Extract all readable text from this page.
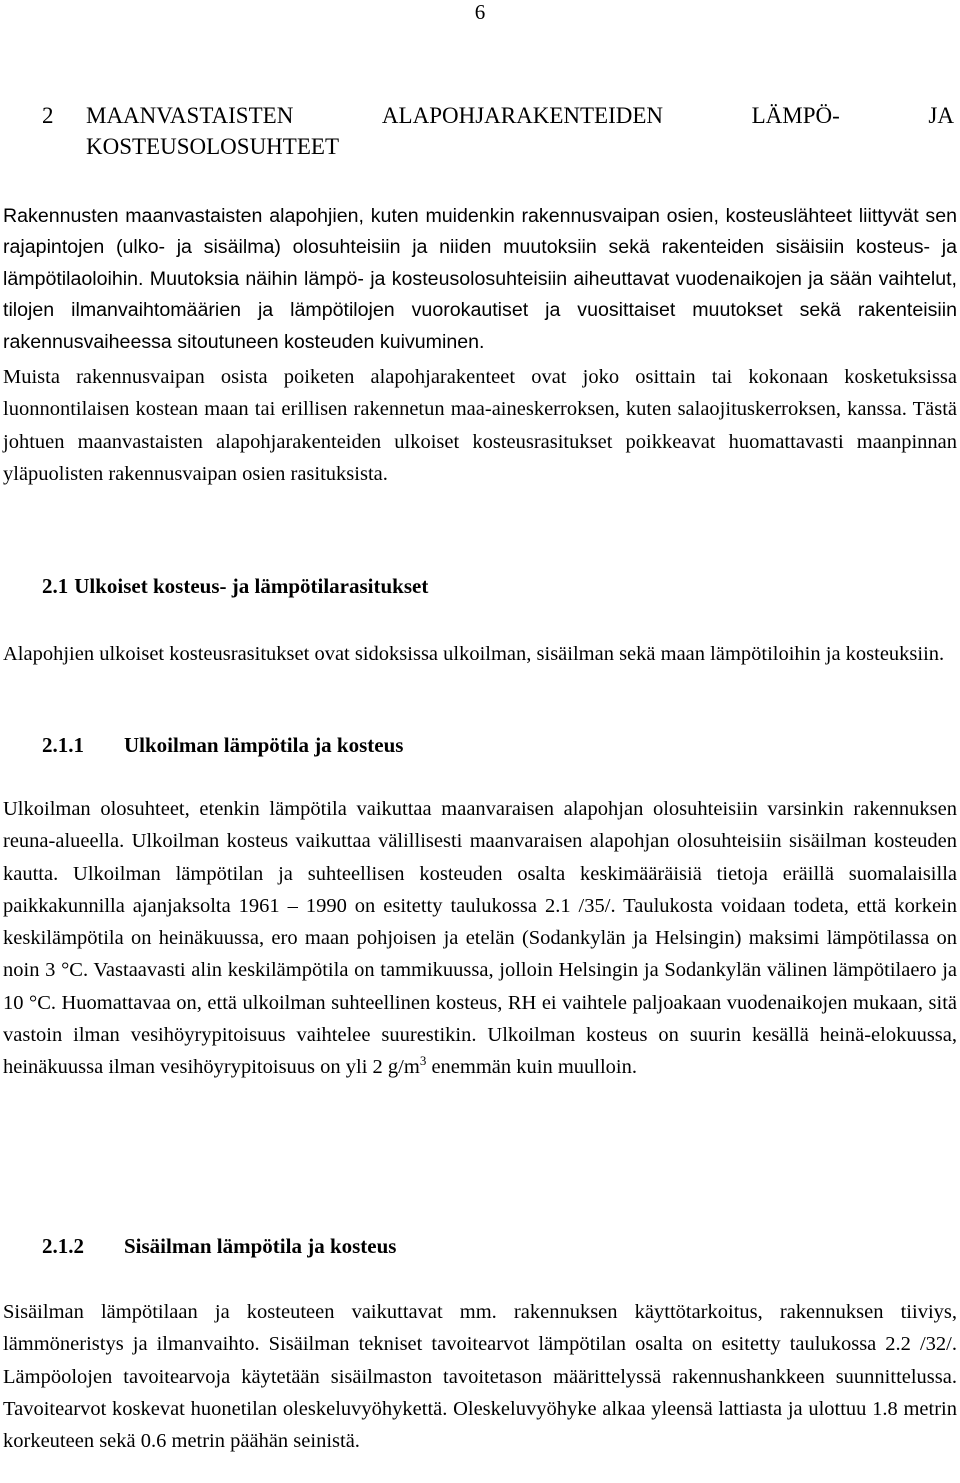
6
2 MAANVASTAISTEN	ALAPOHJARAKENTEIDEN	LÄMPÖ-	JA
KOSTEUSOLOSUHTEET

Rakennusten maanvastaisten alapohjien, kuten muidenkin rakennusvaipan osien, kosteuslähteet liittyvät sen rajapintojen (ulko- ja sisäilma) olosuhteisiin ja niiden muutoksiin sekä rakenteiden sisäisiin kosteus- ja lämpötilaoloihin. Muutoksia näihin lämpö- ja kosteusolosuhteisiin aiheuttavat vuodenaikojen ja sään vaihtelut, tilojen ilmanvaihtomäärien ja lämpötilojen vuorokautiset ja vuosittaiset muutokset sekä rakenteisiin rakennusvaiheessa sitoutuneen kosteuden kuivuminen.

Muista rakennusvaipan osista poiketen alapohjarakenteet ovat joko osittain tai kokonaan kosketuksissa luonnontilaisen kostean maan tai erillisen rakennetun maa-aineskerroksen, kuten salaojituskerroksen, kanssa. Tästä johtuen maanvastaisten alapohjarakenteiden ulkoiset kosteusrasitukset poikkeavat huomattavasti maanpinnan yläpuolisten rakennusvaipan osien rasituksista.

2.1 Ulkoiset kosteus- ja lämpötilarasitukset

Alapohjien ulkoiset kosteusrasitukset ovat sidoksissa ulkoilman, sisäilman sekä maan lämpötiloihin ja kosteuksiin.

2.1.1 Ulkoilman lämpötila ja kosteus

Ulkoilman olosuhteet, etenkin lämpötila vaikuttaa maanvaraisen alapohjan olosuhteisiin varsinkin rakennuksen reuna-alueella. Ulkoilman kosteus vaikuttaa välillisesti maanvaraisen alapohjan olosuhteisiin sisäilman kosteuden kautta. Ulkoilman lämpötilan ja suhteellisen kosteuden osalta keskimääräisiä tietoja eräillä suomalaisilla paikkakunnilla ajanjaksolta 1961 – 1990 on esitetty taulukossa 2.1 /35/. Taulukosta voidaan todeta, että korkein keskilämpötila on heinäkuussa, ero maan pohjoisen ja etelän (Sodankylän ja Helsingin) maksimi lämpötilassa on noin 3 °C. Vastaavasti alin keskilämpötila on tammikuussa, jolloin Helsingin ja Sodankylän välinen lämpötilaero ja 10 °C. Huomattavaa on, että ulkoilman suhteellinen kosteus, RH ei vaihtele paljoakaan vuodenaikojen mukaan, sitä vastoin ilman vesihöyrypitoisuus vaihtelee suurestikin. Ulkoilman kosteus on suurin kesällä heinä-elokuussa, heinäkuussa ilman vesihöyrypitoisuus on yli 2 $g/m^3$ enemmän kuin muulloin.

2.1.2 Sisäilman lämpötila ja kosteus

Sisäilman lämpötilaan ja kosteuteen vaikuttavat mm. rakennuksen käyttötarkoitus, rakennuksen tiiviys, lämmöneristys ja ilmanvaihto. Sisäilman tekniset tavoitearvot lämpötilan osalta on esitetty taulukossa 2.2 /32/. Lämpöolojen tavoitearvoja käytetään sisäilmaston tavoitetason määrittelyssä rakennushankkeen suunnittelussa. Tavoitearvot koskevat huonetilan oleskeluvyöhykettä. Oleskeluvyöhyke alkaa yleensä lattiasta ja ulottuu 1.8 metrin korkeuteen sekä 0.6 metrin päähän seinistä.
